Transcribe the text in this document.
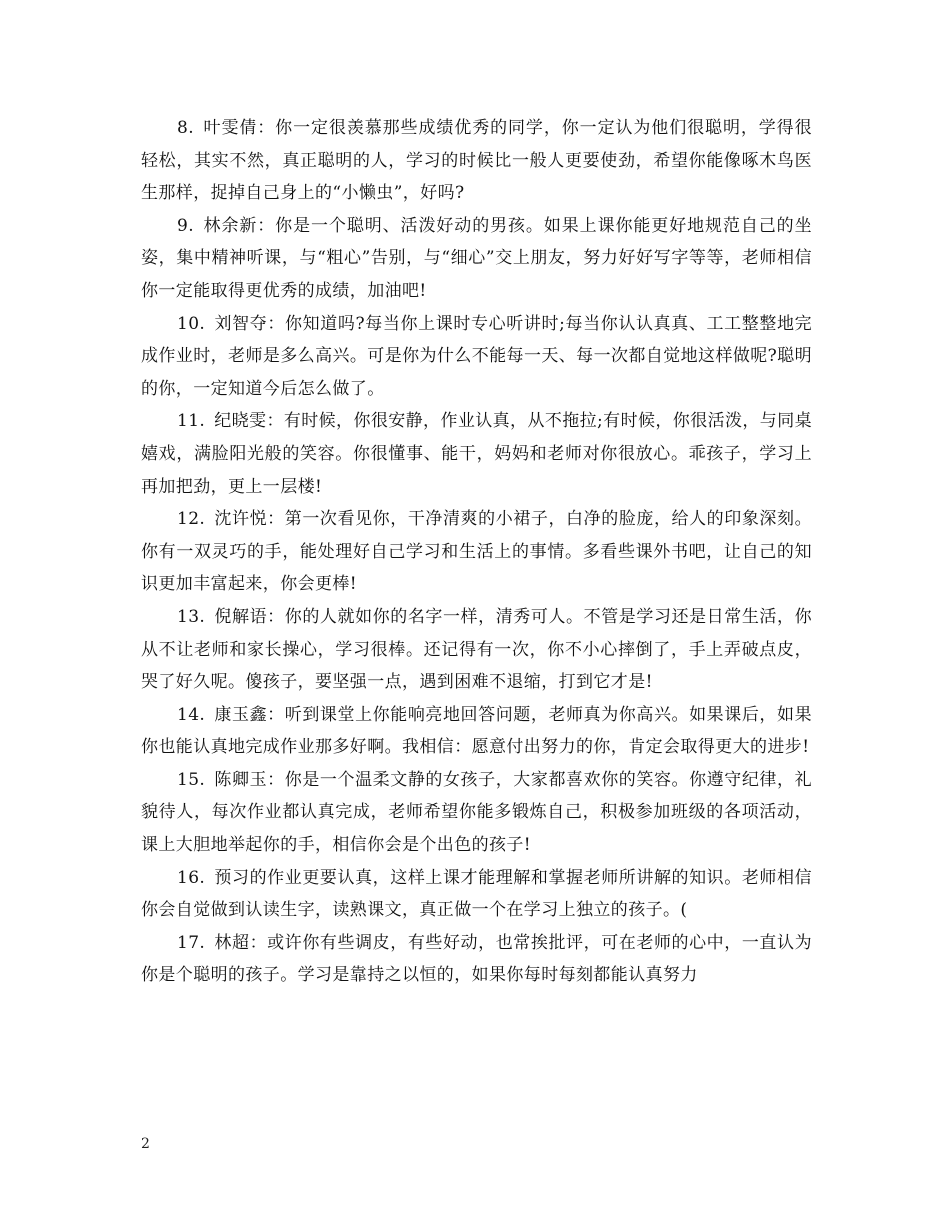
8. 叶雯倩：你一定很羡慕那些成绩优秀的同学，你一定认为他们很聪明，学得很轻松，其实不然，真正聪明的人，学习的时候比一般人更要使劲，希望你能像啄木鸟医生那样，捉掉自己身上的“小懒虫”，好吗?

9. 林余新：你是一个聪明、活泼好动的男孩。如果上课你能更好地规范自己的坐姿，集中精神听课，与“粗心”告别，与“细心”交上朋友，努力好好写字等等，老师相信你一定能取得更优秀的成绩，加油吧!

10. 刘智夺：你知道吗?每当你上课时专心听讲时;每当你认认真真、工工整整地完成作业时，老师是多么高兴。可是你为什么不能每一天、每一次都自觉地这样做呢?聪明的你，一定知道今后怎么做了。

11. 纪晓雯：有时候，你很安静，作业认真，从不拖拉;有时候，你很活泼，与同桌嬉戏，满脸阳光般的笑容。你很懂事、能干，妈妈和老师对你很放心。乖孩子，学习上再加把劲，更上一层楼!

12. 沈许悦：第一次看见你，干净清爽的小裙子，白净的脸庞，给人的印象深刻。你有一双灵巧的手，能处理好自己学习和生活上的事情。多看些课外书吧，让自己的知识更加丰富起来，你会更棒!

13. 倪解语：你的人就如你的名字一样，清秀可人。不管是学习还是日常生活，你从不让老师和家长操心，学习很棒。还记得有一次，你不小心摔倒了，手上弄破点皮，哭了好久呢。傻孩子，要坚强一点，遇到困难不退缩，打到它才是!

14. 康玉鑫：听到课堂上你能响亮地回答问题，老师真为你高兴。如果课后，如果你也能认真地完成作业那多好啊。我相信：愿意付出努力的你，肯定会取得更大的进步!

15. 陈卿玉：你是一个温柔文静的女孩子，大家都喜欢你的笑容。你遵守纪律，礼貌待人，每次作业都认真完成，老师希望你能多锻炼自己，积极参加班级的各项活动，课上大胆地举起你的手，相信你会是个出色的孩子!

16. 预习的作业更要认真，这样上课才能理解和掌握老师所讲解的知识。老师相信你会自觉做到认读生字，读熟课文，真正做一个在学习上独立的孩子。(

17. 林超：或许你有些调皮，有些好动，也常挨批评，可在老师的心中，一直认为你是个聪明的孩子。学习是靠持之以恒的，如果你每时每刻都能认真努力

2
